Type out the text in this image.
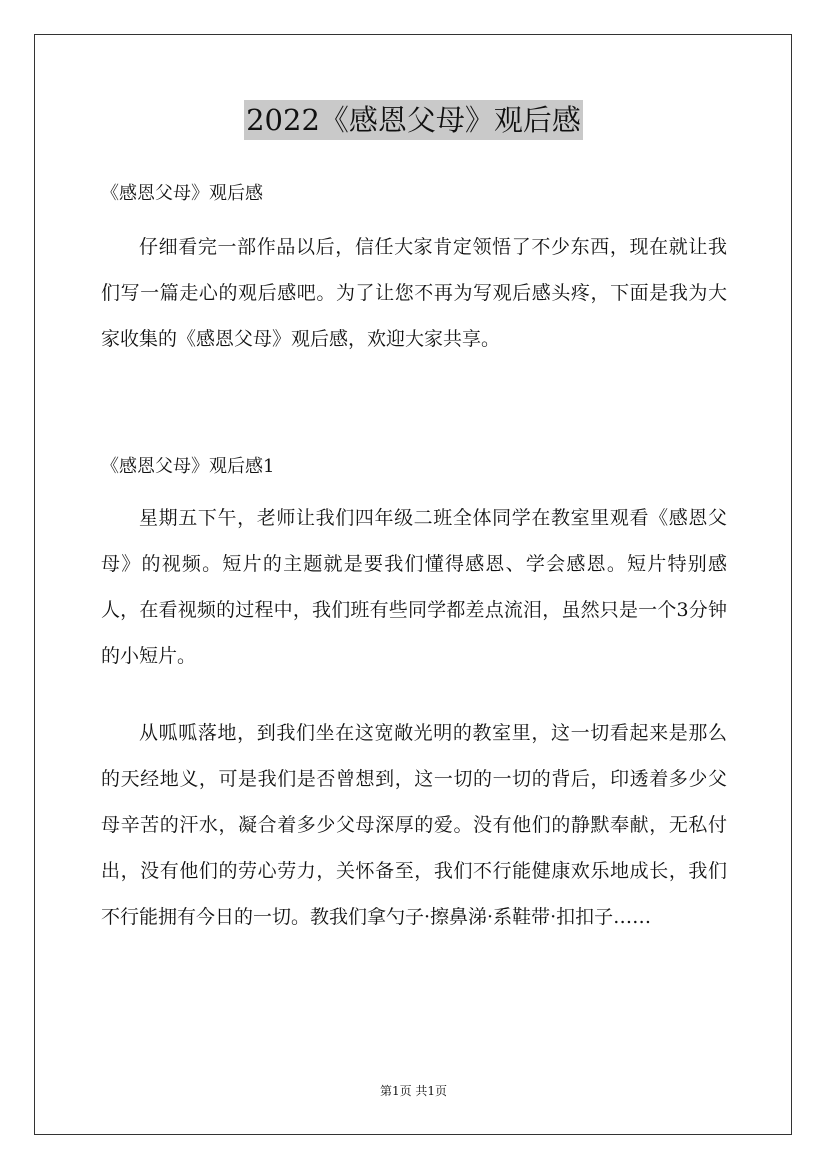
2022《感恩父母》观后感

《感恩父母》观后感

仔细看完一部作品以后，信任大家肯定领悟了不少东西，现在就让我们写一篇走心的观后感吧。为了让您不再为写观后感头疼，下面是我为大家收集的《感恩父母》观后感，欢迎大家共享。

《感恩父母》观后感1

星期五下午，老师让我们四年级二班全体同学在教室里观看《感恩父母》的视频。短片的主题就是要我们懂得感恩、学会感恩。短片特别感人，在看视频的过程中，我们班有些同学都差点流泪，虽然只是一个3分钟的小短片。

从呱呱落地，到我们坐在这宽敞光明的教室里，这一切看起来是那么的天经地义，可是我们是否曾想到，这一切的一切的背后，印透着多少父母辛苦的汗水，凝合着多少父母深厚的爱。没有他们的静默奉献，无私付出，没有他们的劳心劳力，关怀备至，我们不行能健康欢乐地成长，我们不行能拥有今日的一切。教我们拿勺子·擦鼻涕·系鞋带·扣扣子……

第1页 共1页
